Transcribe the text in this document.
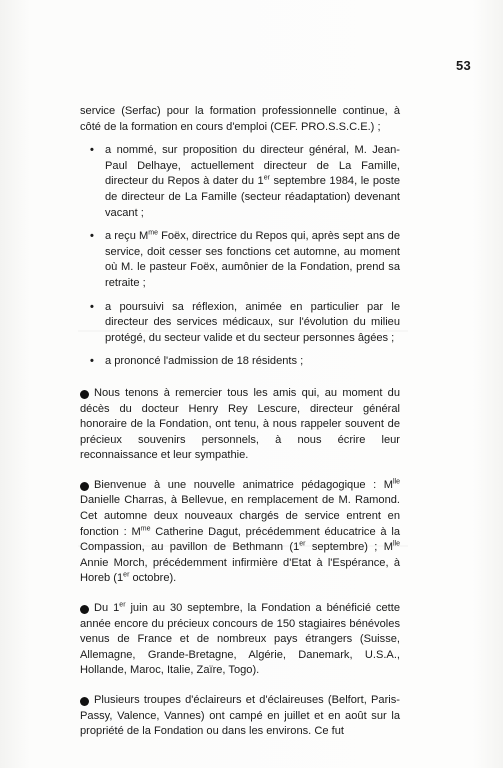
53

service (Serfac) pour la formation professionnelle continue, à côté de la formation en cours d'emploi (CEF. PRO.S.S.C.E.) ;

• a nommé, sur proposition du directeur général, M. Jean-Paul Delhaye, actuellement directeur de La Famille, directeur du Repos à dater du 1er septembre 1984, le poste de directeur de La Famille (secteur réadaptation) devenant vacant ;
• a reçu $M^{me}$ Foëx, directrice du Repos qui, après sept ans de service, doit cesser ses fonctions cet automne, au moment où M. le pasteur Foëx, aumônier de la Fondation, prend sa retraite ;
• a poursuivi sa réflexion, animée en particulier par le directeur des services médicaux, sur l'évolution du milieu protégé, du secteur valide et du secteur personnes âgées ;
• a prononcé l'admission de 18 résidents ;

Nous tenons à remercier tous les amis qui, au moment du décès du docteur Henry Rey Lescure, directeur général honoraire de la Fondation, ont tenu, à nous rappeler souvent de précieux souvenirs personnels, à nous écrire leur reconnaissance et leur sympathie.

Bienvenue à une nouvelle animatrice pédagogique : $M^{lle}$ Danielle Charras, à Bellevue, en remplacement de M. Ramond. Cet automne deux nouveaux chargés de service entrent en fonction : $M^{me}$ Catherine Dagut, précédemment éducatrice à la Compassion, au pavillon de Bethmann (1er septembre) ; $M^{lle}$ Annie Morch, précédemment infirmière d'Etat à l'Espérance, à Horeb (1er octobre).

Du 1er juin au 30 septembre, la Fondation a bénéficié cette année encore du précieux concours de 150 stagiaires bénévoles venus de France et de nombreux pays étrangers (Suisse, Allemagne, Grande-Bretagne, Algérie, Danemark, U.S.A., Hollande, Maroc, Italie, Zaïre, Togo).

Plusieurs troupes d'éclaireurs et d'éclaireuses (Belfort, Paris-Passy, Valence, Vannes) ont campé en juillet et en août sur la propriété de la Fondation ou dans les environs. Ce fut
